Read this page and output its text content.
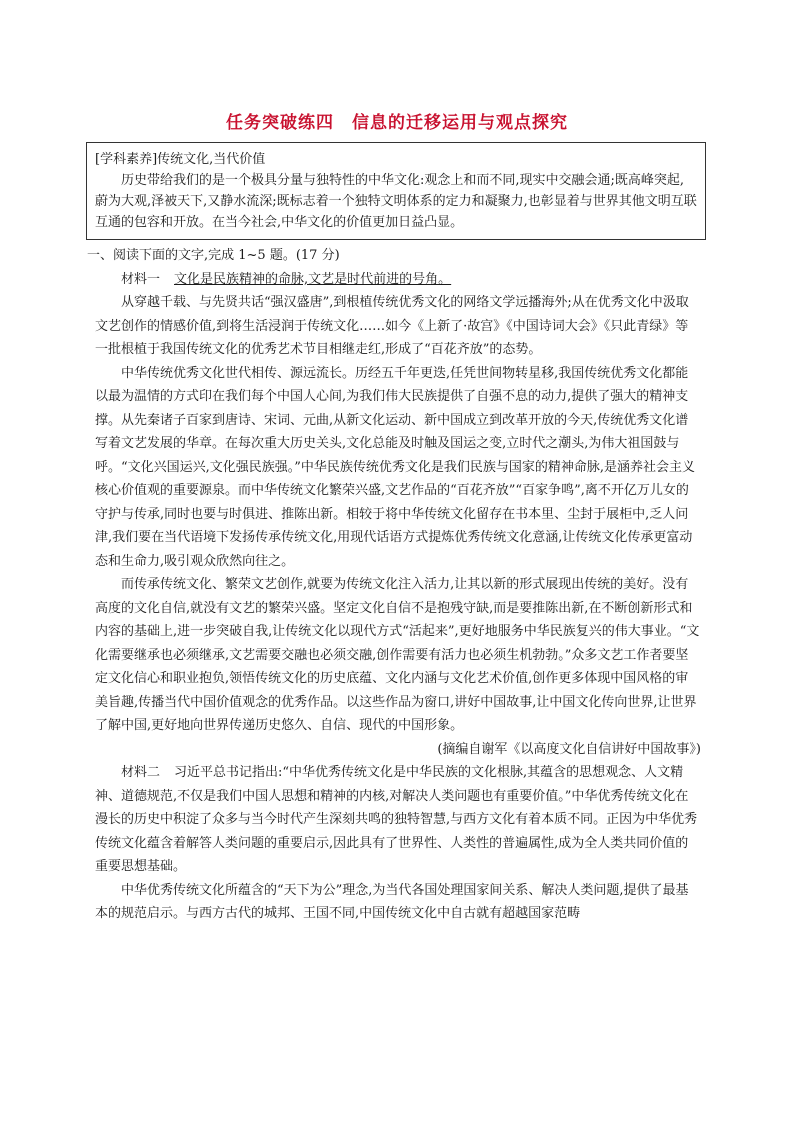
任务突破练四　信息的迁移运用与观点探究

[学科素养]传统文化,当代价值

历史带给我们的是一个极具分量与独特性的中华文化:观念上和而不同,现实中交融会通;既高峰突起,蔚为大观,泽被天下,又静水流深;既标志着一个独特文明体系的定力和凝聚力,也彰显着与世界其他文明互联互通的包容和开放。在当今社会,中华文化的价值更加日益凸显。

一、阅读下面的文字,完成 1~5 题。(17 分)

材料一 文化是民族精神的命脉,文艺是时代前进的号角。

从穿越千载、与先贤共话“强汉盛唐”,到根植传统优秀文化的网络文学远播海外;从在优秀文化中汲取文艺创作的情感价值,到将生活浸润于传统文化……如今《上新了·故宫》《中国诗词大会》《只此青绿》等一批根植于我国传统文化的优秀艺术节目相继走红,形成了“百花齐放”的态势。

中华传统优秀文化世代相传、源远流长。历经五千年更迭,任凭世间物转星移,我国传统优秀文化都能以最为温情的方式印在我们每个中国人心间,为我们伟大民族提供了自强不息的动力,提供了强大的精神支撑。从先秦诸子百家到唐诗、宋词、元曲,从新文化运动、新中国成立到改革开放的今天,传统优秀文化谱写着文艺发展的华章。在每次重大历史关头,文化总能及时触及国运之变,立时代之潮头,为伟大祖国鼓与呼。“文化兴国运兴,文化强民族强。”中华民族传统优秀文化是我们民族与国家的精神命脉,是涵养社会主义核心价值观的重要源泉。而中华传统文化繁荣兴盛,文艺作品的“百花齐放”“百家争鸣”,离不开亿万儿女的守护与传承,同时也要与时俱进、推陈出新。相较于将中华传统文化留存在书本里、尘封于展柜中,乏人问津,我们要在当代语境下发扬传承传统文化,用现代话语方式提炼优秀传统文化意涵,让传统文化传承更富动态和生命力,吸引观众欣然向往之。

而传承传统文化、繁荣文艺创作,就要为传统文化注入活力,让其以新的形式展现出传统的美好。没有高度的文化自信,就没有文艺的繁荣兴盛。坚定文化自信不是抱残守缺,而是要推陈出新,在不断创新形式和内容的基础上,进一步突破自我,让传统文化以现代方式“活起来”,更好地服务中华民族复兴的伟大事业。“文化需要继承也必须继承,文艺需要交融也必须交融,创作需要有活力也必须生机勃勃。”众多文艺工作者要坚定文化信心和职业抱负,领悟传统文化的历史底蕴、文化内涵与文化艺术价值,创作更多体现中国风格的审美旨趣,传播当代中国价值观念的优秀作品。以这些作品为窗口,讲好中国故事,让中国文化传向世界,让世界了解中国,更好地向世界传递历史悠久、自信、现代的中国形象。

(摘编自谢军《以高度文化自信讲好中国故事》)

材料二 习近平总书记指出:“中华优秀传统文化是中华民族的文化根脉,其蕴含的思想观念、人文精神、道德规范,不仅是我们中国人思想和精神的内核,对解决人类问题也有重要价值。”中华优秀传统文化在漫长的历史中积淀了众多与当今时代产生深刻共鸣的独特智慧,与西方文化有着本质不同。正因为中华优秀传统文化蕴含着解答人类问题的重要启示,因此具有了世界性、人类性的普遍属性,成为全人类共同价值的重要思想基础。

中华优秀传统文化所蕴含的“天下为公”理念,为当代各国处理国家间关系、解决人类问题,提供了最基本的规范启示。与西方古代的城邦、王国不同,中国传统文化中自古就有超越国家范畴
